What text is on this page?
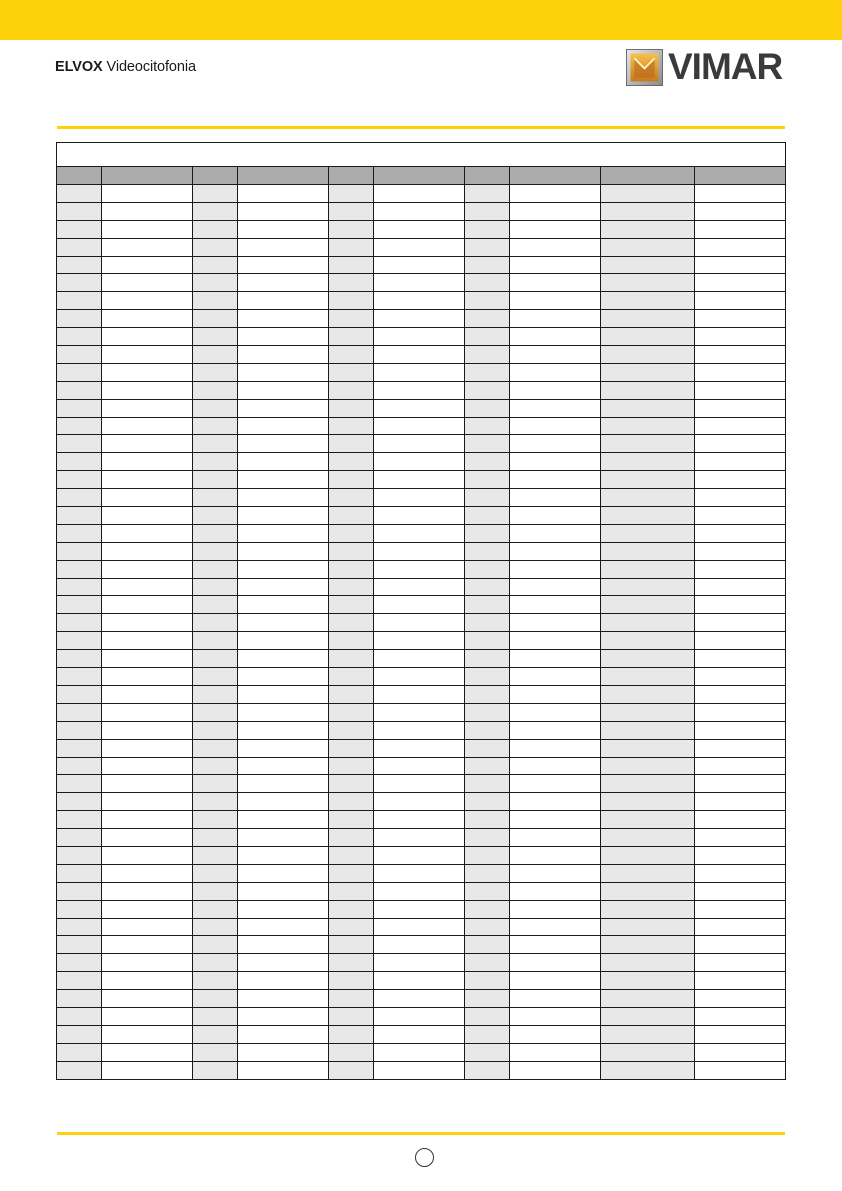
ELVOX Videocitofonia	VIMAR
